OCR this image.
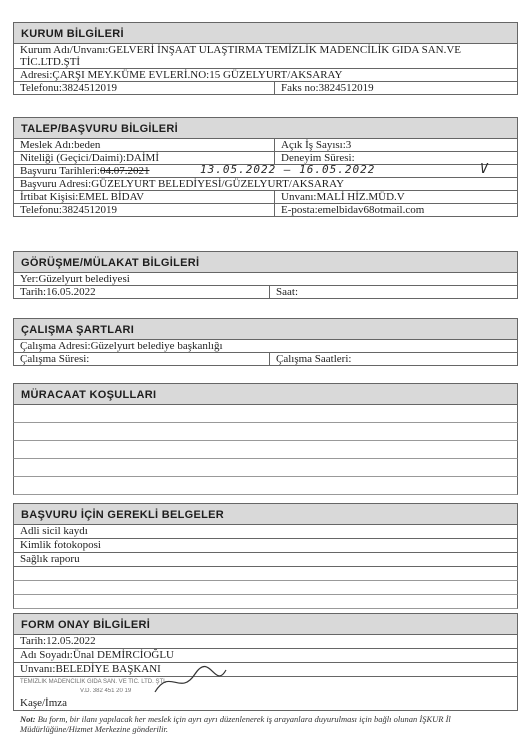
KURUM BİLGİLERİ
Kurum Adı/Unvanı:GELVERİ İNŞAAT ULAŞTIRMA TEMİZLİK MADENCİLİK GIDA SAN.VE TİC.LTD.ŞTİ
Adresi:ÇARŞI MEY.KÜME EVLERİ.NO:15 GÜZELYURT/AKSARAY
Telefonu:3824512019	Faks no:3824512019
TALEP/BAŞVURU BİLGİLERİ
Meslek Adı:beden	Açık İş Sayısı:3
Niteliği (Geçici/Daimi):DAİMİ	Deneyim Süresi:
Başvuru Tarihleri:04.07.2021	13.05.2022 – 16.05.2022	V
Başvuru Adresi:GÜZELYURT BELEDİYESİ/GÜZELYURT/AKSARAY
İrtibat Kişisi:EMEL BİDAV	Unvanı:MALİ HİZ.MÜD.V
Telefonu:3824512019	E-posta:emelbidav68otmail.com
GÖRÜŞME/MÜLAKAT BİLGİLERİ
Yer:Güzelyurt belediyesi
Tarih:16.05.2022	Saat:
ÇALIŞMA ŞARTLARI
Çalışma Adresi:Güzelyurt belediye başkanlığı
Çalışma Süresi:	Çalışma Saatleri:
MÜRACAAT KOŞULLARI
BAŞVURU İÇİN GEREKLİ BELGELER
Adli sicil kaydı
Kimlik fotokoposi
Sağlık raporu
FORM ONAY BİLGİLERİ
Tarih:12.05.2022
Adı Soyadı:Ünal DEMİRCİOĞLU
Unvanı:BELEDİYE BAŞKANI
Kaşe/İmza
TEMİZLİK MADENCİLİK GIDA SAN. VE TİC. LTD. ŞTİ.
V.D. 382 451 20 19
Not: Bu form, bir ilanı yapılacak her meslek için ayrı ayrı düzenlenerek iş arayanlara duyurulması için bağlı olunan İŞKUR İl Müdürlüğüne/Hizmet Merkezine gönderilir.
